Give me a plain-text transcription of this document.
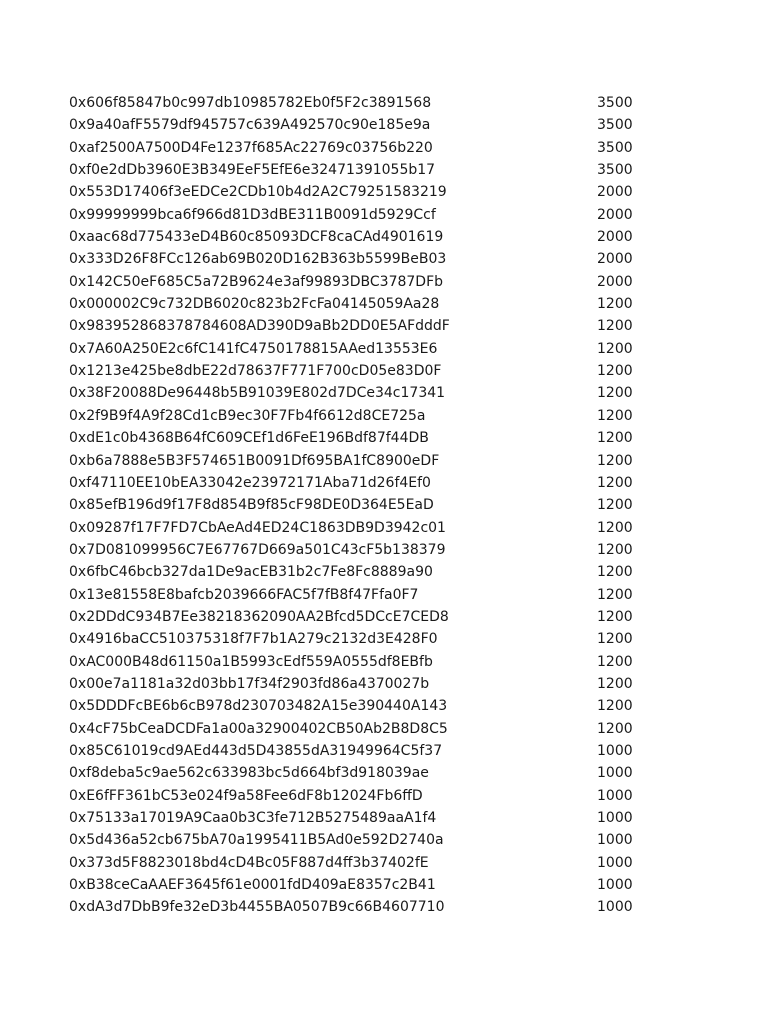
0x606f85847b0c997db10985782Eb0f5F2c3891568	3500
0x9a40afF5579df945757c639A492570c90e185e9a	3500
0xaf2500A7500D4Fe1237f685Ac22769c03756b220	3500
0xf0e2dDb3960E3B349EeF5EfE6e32471391055b17	3500
0x553D17406f3eEDCe2CDb10b4d2A2C79251583219	2000
0x99999999bca6f966d81D3dBE311B0091d5929Ccf	2000
0xaac68d775433eD4B60c85093DCF8caCAd4901619	2000
0x333D26F8FCc126ab69B020D162B363b5599BeB03	2000
0x142C50eF685C5a72B9624e3af99893DBC3787DFb	2000
0x000002C9c732DB6020c823b2FcFa04145059Aa28	1200
0x983952868378784608AD390D9aBb2DD0E5AFdddF	1200
0x7A60A250E2c6fC141fC4750178815AAed13553E6	1200
0x1213e425be8dbE22d78637F771F700cD05e83D0F	1200
0x38F20088De96448b5B91039E802d7DCe34c17341	1200
0x2f9B9f4A9f28Cd1cB9ec30F7Fb4f6612d8CE725a	1200
0xdE1c0b4368B64fC609CEf1d6FeE196Bdf87f44DB	1200
0xb6a7888e5B3F574651B0091Df695BA1fC8900eDF	1200
0xf47110EE10bEA33042e23972171Aba71d26f4Ef0	1200
0x85efB196d9f17F8d854B9f85cF98DE0D364E5EaD	1200
0x09287f17F7FD7CbAeAd4ED24C1863DB9D3942c01	1200
0x7D081099956C7E67767D669a501C43cF5b138379	1200
0x6fbC46bcb327da1De9acEB31b2c7Fe8Fc8889a90	1200
0x13e81558E8bafcb2039666FAC5f7fB8f47Ffa0F7	1200
0x2DDdC934B7Ee38218362090AA2Bfcd5DCcE7CED8	1200
0x4916baCC510375318f7F7b1A279c2132d3E428F0	1200
0xAC000B48d61150a1B5993cEdf559A0555df8EBfb	1200
0x00e7a1181a32d03bb17f34f2903fd86a4370027b	1200
0x5DDDFcBE6b6cB978d230703482A15e390440A143	1200
0x4cF75bCeaDCDFa1a00a32900402CB50Ab2B8D8C5	1200
0x85C61019cd9AEd443d5D43855dA31949964C5f37	1000
0xf8deba5c9ae562c633983bc5d664bf3d918039ae	1000
0xE6fFF361bC53e024f9a58Fee6dF8b12024Fb6ffD	1000
0x75133a17019A9Caa0b3C3fe712B5275489aaA1f4	1000
0x5d436a52cb675bA70a1995411B5Ad0e592D2740a	1000
0x373d5F8823018bd4cD4Bc05F887d4ff3b37402fE	1000
0xB38ceCaAAEF3645f61e0001fdD409aE8357c2B41	1000
0xdA3d7DbB9fe32eD3b4455BA0507B9c66B4607710	1000
